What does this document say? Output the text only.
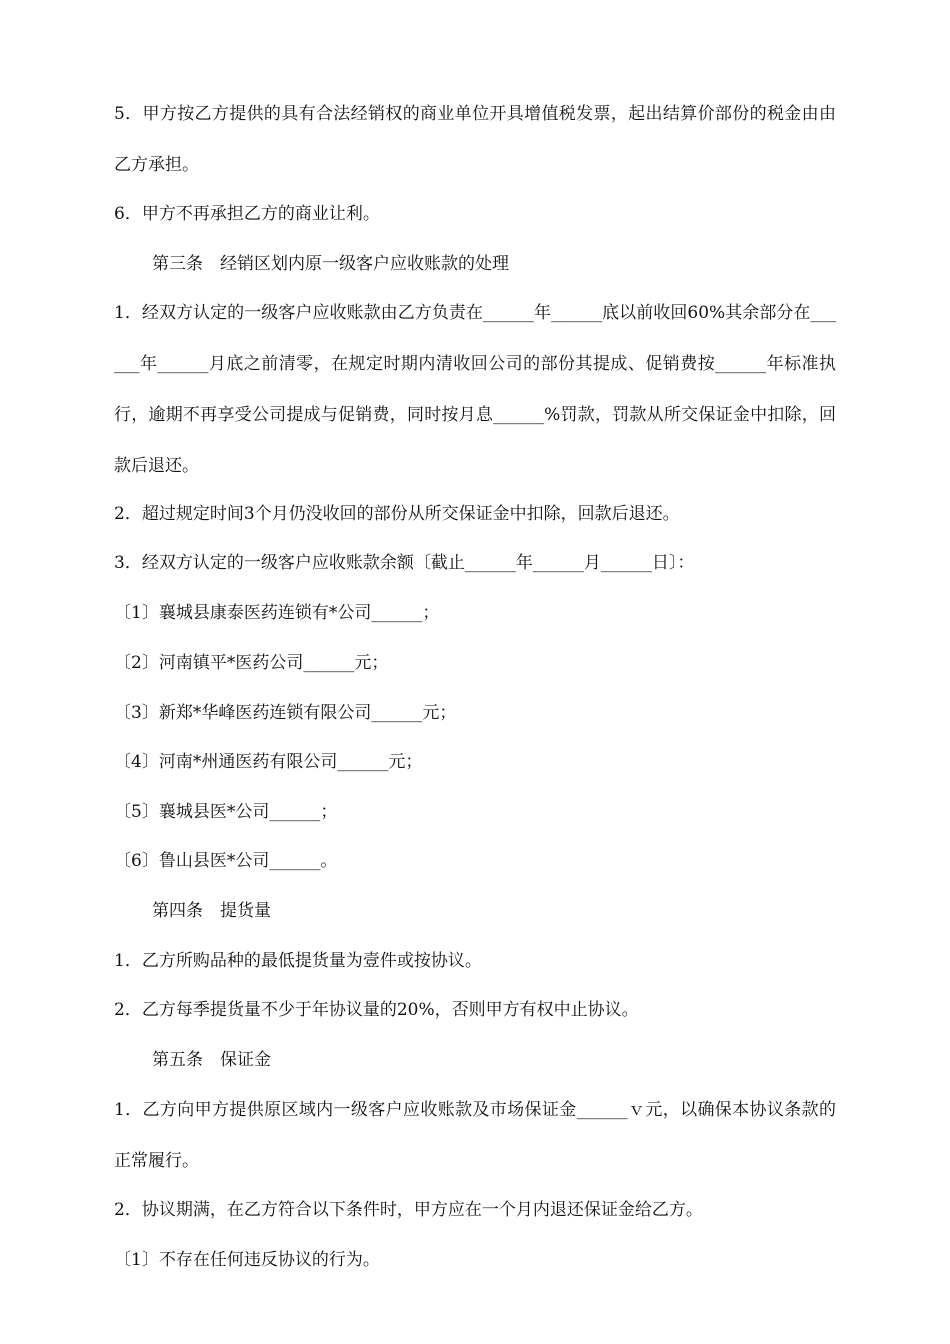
5．甲方按乙方提供的具有合法经销权的商业单位开具增值税发票，起出结算价部份的税金由由乙方承担。
6．甲方不再承担乙方的商业让利。
第三条　经销区划内原一级客户应收账款的处理
1．经双方认定的一级客户应收账款由乙方负责在______年______底以前收回60%其余部分在______年______月底之前清零，在规定时期内清收回公司的部份其提成、促销费按______年标准执行，逾期不再享受公司提成与促销费，同时按月息______%罚款，罚款从所交保证金中扣除，回款后退还。
2．超过规定时间3个月仍没收回的部份从所交保证金中扣除，回款后退还。
3．经双方认定的一级客户应收账款余额〔截止______年______月______日〕：
〔1〕襄城县康泰医药连锁有*公司______；
〔2〕河南镇平*医药公司______元；
〔3〕新郑*华峰医药连锁有限公司______元；
〔4〕河南*州通医药有限公司______元；
〔5〕襄城县医*公司______；
〔6〕鲁山县医*公司______。
第四条　提货量
1．乙方所购品种的最低提货量为壹件或按协议。
2．乙方每季提货量不少于年协议量的20%，否则甲方有权中止协议。
第五条　保证金
1．乙方向甲方提供原区域内一级客户应收账款及市场保证金______ｖ元，以确保本协议条款的正常履行。
2．协议期满，在乙方符合以下条件时，甲方应在一个月内退还保证金给乙方。
〔1〕不存在任何违反协议的行为。
